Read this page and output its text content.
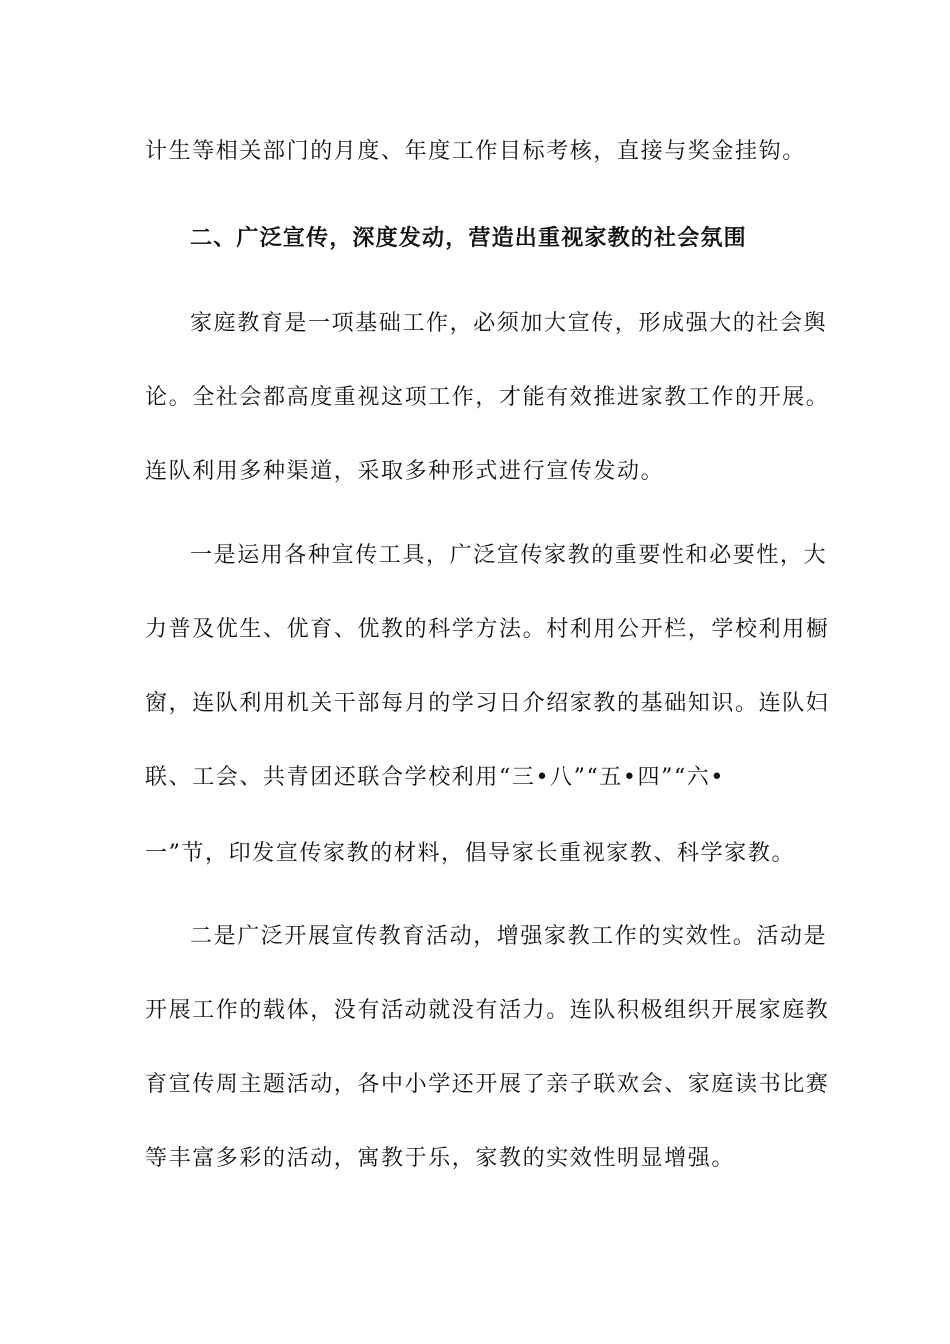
计生等相关部门的月度、年度工作目标考核，直接与奖金挂钩。
二、广泛宣传，深度发动，营造出重视家教的社会氛围
家庭教育是一项基础工作，必须加大宣传，形成强大的社会舆
论。全社会都高度重视这项工作，才能有效推进家教工作的开展。
连队利用多种渠道，采取多种形式进行宣传发动。
一是运用各种宣传工具，广泛宣传家教的重要性和必要性，大
力普及优生、优育、优教的科学方法。村利用公开栏，学校利用橱
窗，连队利用机关干部每月的学习日介绍家教的基础知识。连队妇
联、工会、共青团还联合学校利用“三•八”“五•四”“六•
一”节，印发宣传家教的材料，倡导家长重视家教、科学家教。
二是广泛开展宣传教育活动，增强家教工作的实效性。活动是
开展工作的载体，没有活动就没有活力。连队积极组织开展家庭教
育宣传周主题活动，各中小学还开展了亲子联欢会、家庭读书比赛
等丰富多彩的活动，寓教于乐，家教的实效性明显增强。
